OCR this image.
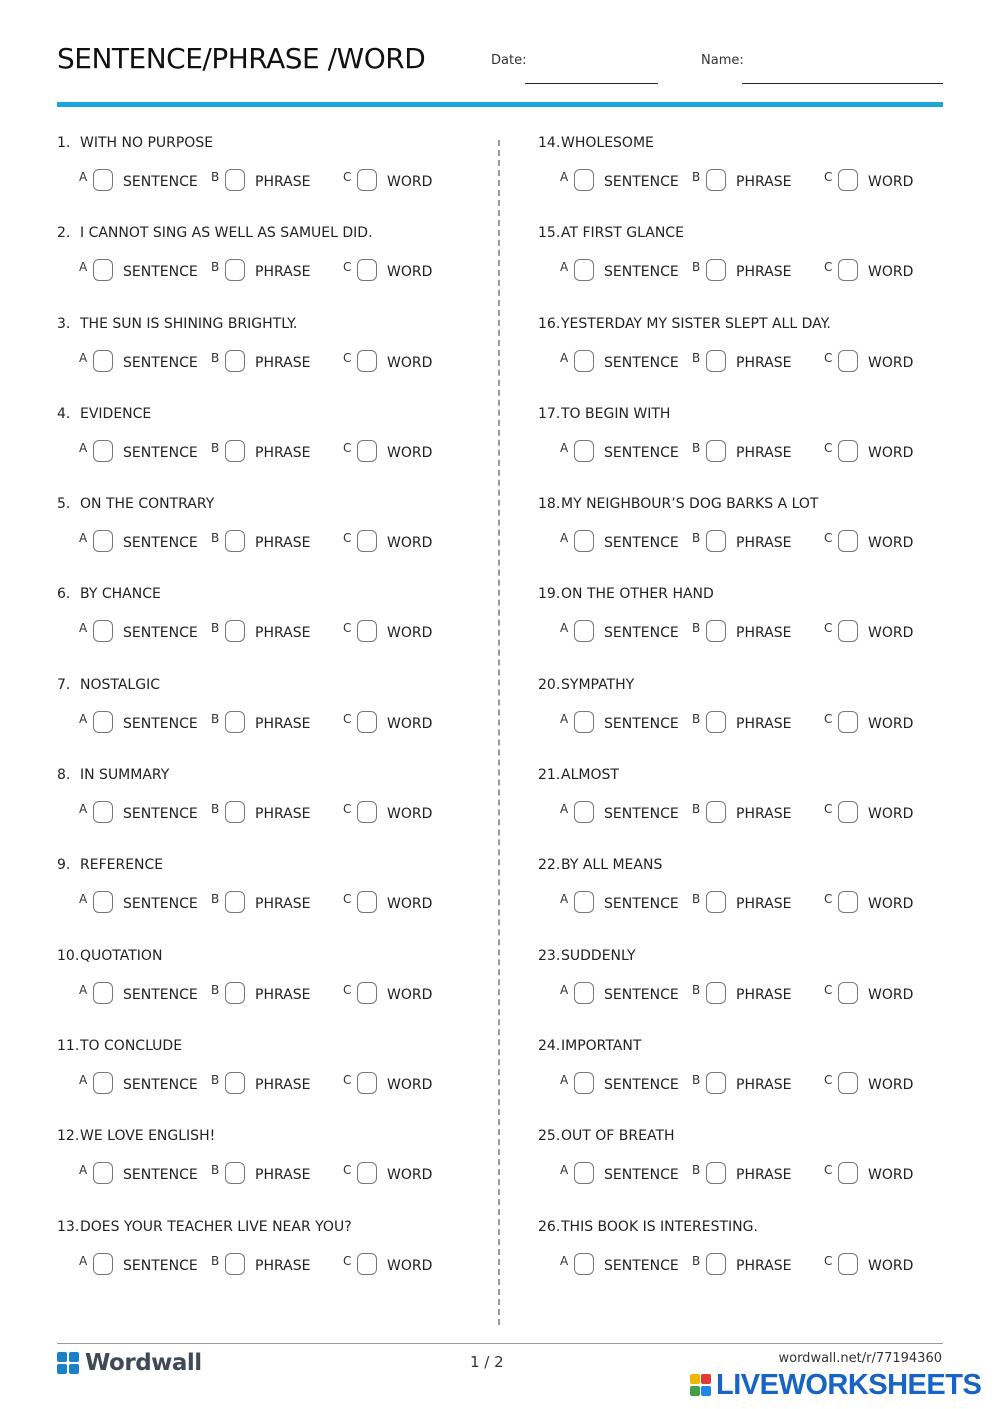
SENTENCE/PHRASE /WORD	Date:	Name:
1. WITH NO PURPOSE
A	SENTENCE B	PHRASE	C	WORD
2. I CANNOT SING AS WELL AS SAMUEL DID.
A	SENTENCE B	PHRASE	C	WORD
3. THE SUN IS SHINING BRIGHTLY.
A	SENTENCE B	PHRASE	C	WORD
4. EVIDENCE
A	SENTENCE B	PHRASE	C	WORD
5. ON THE CONTRARY
A	SENTENCE B	PHRASE	C	WORD
6. BY CHANCE
A	SENTENCE B	PHRASE	C	WORD
7. NOSTALGIC
A	SENTENCE B	PHRASE	C	WORD
8. IN SUMMARY
A	SENTENCE B	PHRASE	C	WORD
9. REFERENCE
A	SENTENCE B	PHRASE	C	WORD
10. QUOTATION
A	SENTENCE B	PHRASE	C	WORD
11. TO CONCLUDE
A	SENTENCE B	PHRASE	C	WORD
12. WE LOVE ENGLISH!
A	SENTENCE B	PHRASE	C	WORD
13. DOES YOUR TEACHER LIVE NEAR YOU?
A	SENTENCE B	PHRASE	C	WORD
14. WHOLESOME
A	SENTENCE B	PHRASE	C	WORD
15. AT FIRST GLANCE
A	SENTENCE B	PHRASE	C	WORD
16. YESTERDAY MY SISTER SLEPT ALL DAY.
A	SENTENCE B	PHRASE	C	WORD
17. TO BEGIN WITH
A	SENTENCE B	PHRASE	C	WORD
18. MY NEIGHBOUR’S DOG BARKS A LOT
A	SENTENCE B	PHRASE	C	WORD
19. ON THE OTHER HAND
A	SENTENCE B	PHRASE	C	WORD
20. SYMPATHY
A	SENTENCE B	PHRASE	C	WORD
21. ALMOST
A	SENTENCE B	PHRASE	C	WORD
22. BY ALL MEANS
A	SENTENCE B	PHRASE	C	WORD
23. SUDDENLY
A	SENTENCE B	PHRASE	C	WORD
24. IMPORTANT
A	SENTENCE B	PHRASE	C	WORD
25. OUT OF BREATH
A	SENTENCE B	PHRASE	C	WORD
26. THIS BOOK IS INTERESTING.
A	SENTENCE B	PHRASE	C	WORD
Wordwall	1 / 2	wordwall.net/r/77194360
LIVEWORKSHEETS
